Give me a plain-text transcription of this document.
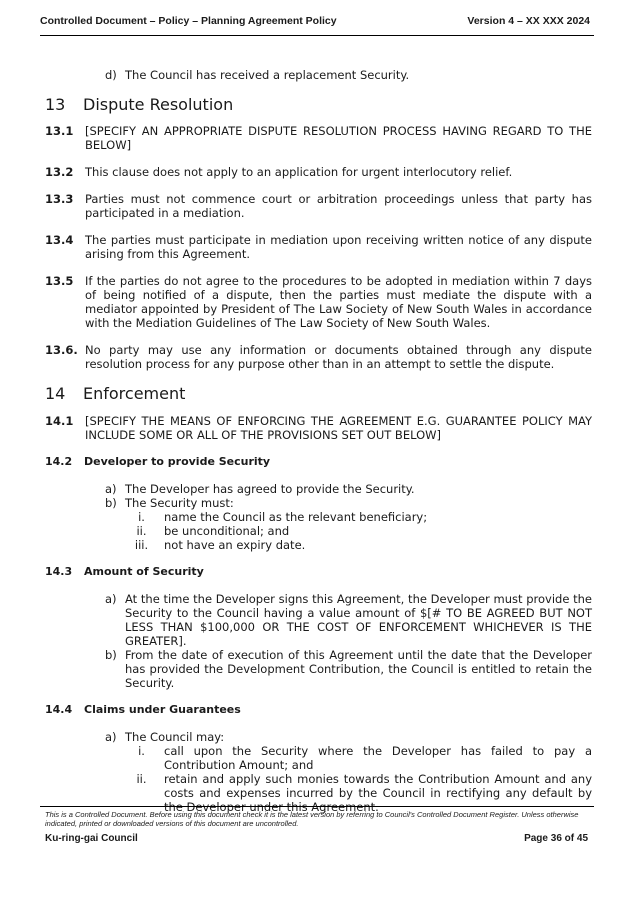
Controlled Document – Policy – Planning Agreement Policy	Version 4 – XX XXX 2024
d) The Council has received a replacement Security.
13	Dispute Resolution
13.1	[SPECIFY AN APPROPRIATE DISPUTE RESOLUTION PROCESS HAVING REGARD TO THE BELOW]
13.2	This clause does not apply to an application for urgent interlocutory relief.
13.3	Parties must not commence court or arbitration proceedings unless that party has participated in a mediation.
13.4	The parties must participate in mediation upon receiving written notice of any dispute arising from this Agreement.
13.5	If the parties do not agree to the procedures to be adopted in mediation within 7 days of being notified of a dispute, then the parties must mediate the dispute with a mediator appointed by President of The Law Society of New South Wales in accordance with the Mediation Guidelines of The Law Society of New South Wales.
13.6. No party may use any information or documents obtained through any dispute resolution process for any purpose other than in an attempt to settle the dispute.
14	Enforcement
14.1	[SPECIFY THE MEANS OF ENFORCING THE AGREEMENT E.G. GUARANTEE POLICY MAY INCLUDE SOME OR ALL OF THE PROVISIONS SET OUT BELOW]
14.2	Developer to provide Security
a) The Developer has agreed to provide the Security.
b) The Security must:
i.	name the Council as the relevant beneficiary;
ii.	be unconditional; and
iii.	not have an expiry date.
14.3	Amount of Security
a) At the time the Developer signs this Agreement, the Developer must provide the Security to the Council having a value amount of $[# TO BE AGREED BUT NOT LESS THAN $100,000 OR THE COST OF ENFORCEMENT WHICHEVER IS THE GREATER].
b) From the date of execution of this Agreement until the date that the Developer has provided the Development Contribution, the Council is entitled to retain the Security.
14.4	Claims under Guarantees
a) The Council may:
i.	call upon the Security where the Developer has failed to pay a Contribution Amount; and
ii.	retain and apply such monies towards the Contribution Amount and any costs and expenses incurred by the Council in rectifying any default by the Developer under this Agreement.
This is a Controlled Document. Before using this document check it is the latest version by referring to Council's Controlled Document Register. Unless otherwise indicated, printed or downloaded versions of this document are uncontrolled.
Ku-ring-gai Council	Page 36 of 45
